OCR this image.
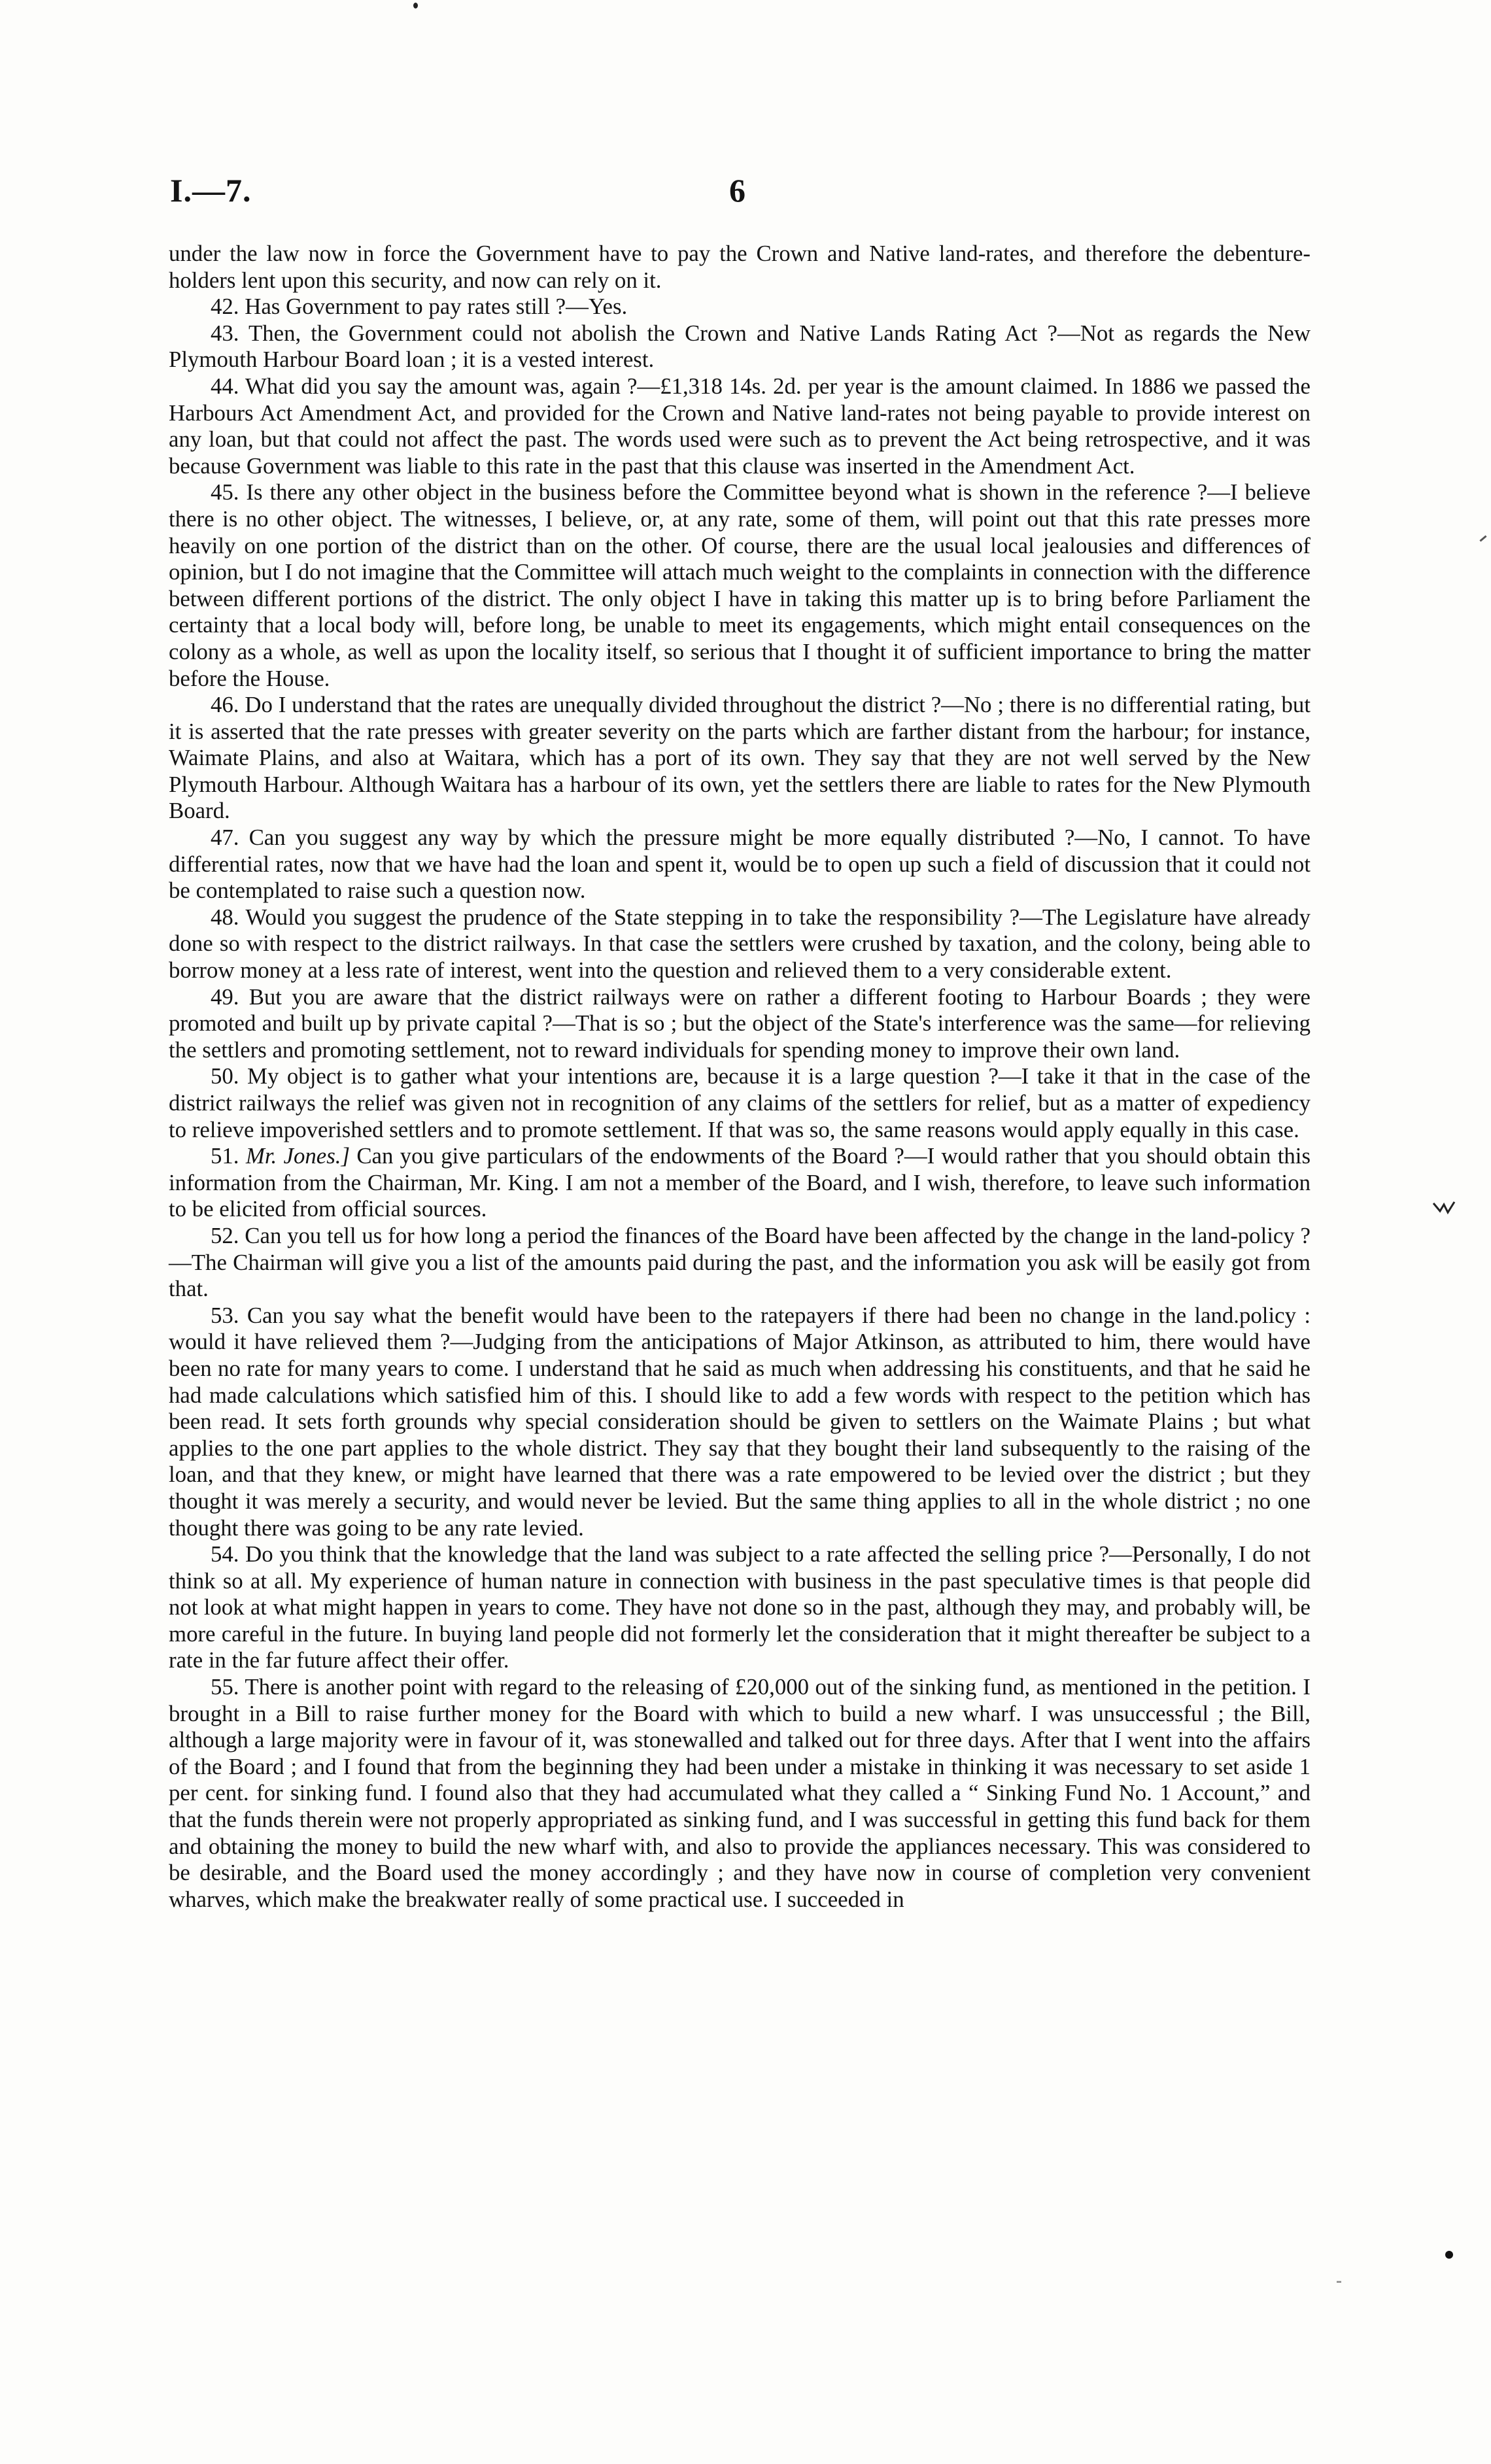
I.—7.	6

under the law now in force the Government have to pay the Crown and Native land-rates, and therefore the debenture-holders lent upon this security, and now can rely on it.

42. Has Government to pay rates still ?—Yes.

43. Then, the Government could not abolish the Crown and Native Lands Rating Act ?—Not as regards the New Plymouth Harbour Board loan ; it is a vested interest.

44. What did you say the amount was, again ?—£1,318 14s. 2d. per year is the amount claimed. In 1886 we passed the Harbours Act Amendment Act, and provided for the Crown and Native land-rates not being payable to provide interest on any loan, but that could not affect the past. The words used were such as to prevent the Act being retrospective, and it was because Government was liable to this rate in the past that this clause was inserted in the Amendment Act.

45. Is there any other object in the business before the Committee beyond what is shown in the reference ?—I believe there is no other object. The witnesses, I believe, or, at any rate, some of them, will point out that this rate presses more heavily on one portion of the district than on the other. Of course, there are the usual local jealousies and differences of opinion, but I do not imagine that the Committee will attach much weight to the complaints in connection with the difference between different portions of the district. The only object I have in taking this matter up is to bring before Parliament the certainty that a local body will, before long, be unable to meet its engagements, which might entail consequences on the colony as a whole, as well as upon the locality itself, so serious that I thought it of sufficient importance to bring the matter before the House.

46. Do I understand that the rates are unequally divided throughout the district ?—No ; there is no differential rating, but it is asserted that the rate presses with greater severity on the parts which are farther distant from the harbour; for instance, Waimate Plains, and also at Waitara, which has a port of its own. They say that they are not well served by the New Plymouth Harbour. Although Waitara has a harbour of its own, yet the settlers there are liable to rates for the New Plymouth Board.

47. Can you suggest any way by which the pressure might be more equally distributed ?—No, I cannot. To have differential rates, now that we have had the loan and spent it, would be to open up such a field of discussion that it could not be contemplated to raise such a question now.

48. Would you suggest the prudence of the State stepping in to take the responsibility ?—The Legislature have already done so with respect to the district railways. In that case the settlers were crushed by taxation, and the colony, being able to borrow money at a less rate of interest, went into the question and relieved them to a very considerable extent.

49. But you are aware that the district railways were on rather a different footing to Harbour Boards ; they were promoted and built up by private capital ?—That is so ; but the object of the State's interference was the same—for relieving the settlers and promoting settlement, not to reward individuals for spending money to improve their own land.

50. My object is to gather what your intentions are, because it is a large question ?—I take it that in the case of the district railways the relief was given not in recognition of any claims of the settlers for relief, but as a matter of expediency to relieve impoverished settlers and to promote settlement. If that was so, the same reasons would apply equally in this case.

51. Mr. Jones.] Can you give particulars of the endowments of the Board ?—I would rather that you should obtain this information from the Chairman, Mr. King. I am not a member of the Board, and I wish, therefore, to leave such information to be elicited from official sources.

52. Can you tell us for how long a period the finances of the Board have been affected by the change in the land-policy ?—The Chairman will give you a list of the amounts paid during the past, and the information you ask will be easily got from that.

53. Can you say what the benefit would have been to the ratepayers if there had been no change in the land.policy : would it have relieved them ?—Judging from the anticipations of Major Atkinson, as attributed to him, there would have been no rate for many years to come. I understand that he said as much when addressing his constituents, and that he said he had made calculations which satisfied him of this. I should like to add a few words with respect to the petition which has been read. It sets forth grounds why special consideration should be given to settlers on the Waimate Plains ; but what applies to the one part applies to the whole district. They say that they bought their land subsequently to the raising of the loan, and that they knew, or might have learned that there was a rate empowered to be levied over the district ; but they thought it was merely a security, and would never be levied. But the same thing applies to all in the whole district ; no one thought there was going to be any rate levied.

54. Do you think that the knowledge that the land was subject to a rate affected the selling price ?—Personally, I do not think so at all. My experience of human nature in connection with business in the past speculative times is that people did not look at what might happen in years to come. They have not done so in the past, although they may, and probably will, be more careful in the future. In buying land people did not formerly let the consideration that it might thereafter be subject to a rate in the far future affect their offer.

55. There is another point with regard to the releasing of £20,000 out of the sinking fund, as mentioned in the petition. I brought in a Bill to raise further money for the Board with which to build a new wharf. I was unsuccessful ; the Bill, although a large majority were in favour of it, was stonewalled and talked out for three days. After that I went into the affairs of the Board ; and I found that from the beginning they had been under a mistake in thinking it was necessary to set aside 1 per cent. for sinking fund. I found also that they had accumulated what they called a “ Sinking Fund No. 1 Account,” and that the funds therein were not properly appropriated as sinking fund, and I was successful in getting this fund back for them and obtaining the money to build the new wharf with, and also to provide the appliances necessary. This was considered to be desirable, and the Board used the money accordingly ; and they have now in course of completion very convenient wharves, which make the breakwater really of some practical use. I succeeded in
